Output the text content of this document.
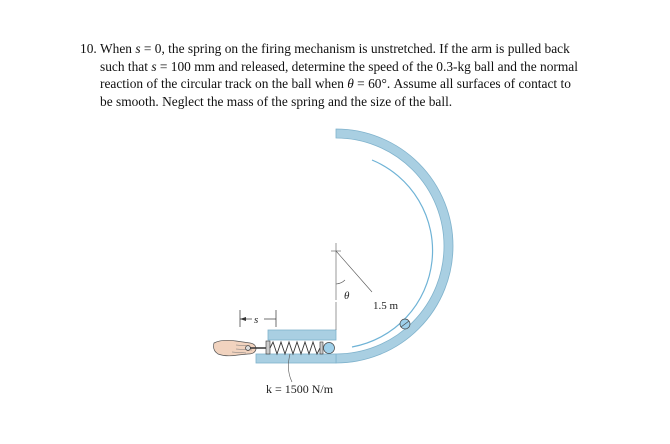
10. When s = 0, the spring on the firing mechanism is unstretched. If the arm is pulled back
such that s = 100 mm and released, determine the speed of the 0.3-kg ball and the normal
reaction of the circular track on the ball when θ = 60°. Assume all surfaces of contact to
be smooth. Neglect the mass of the spring and the size of the ball.

θ
1.5 m
s
k = 1500 N/m
